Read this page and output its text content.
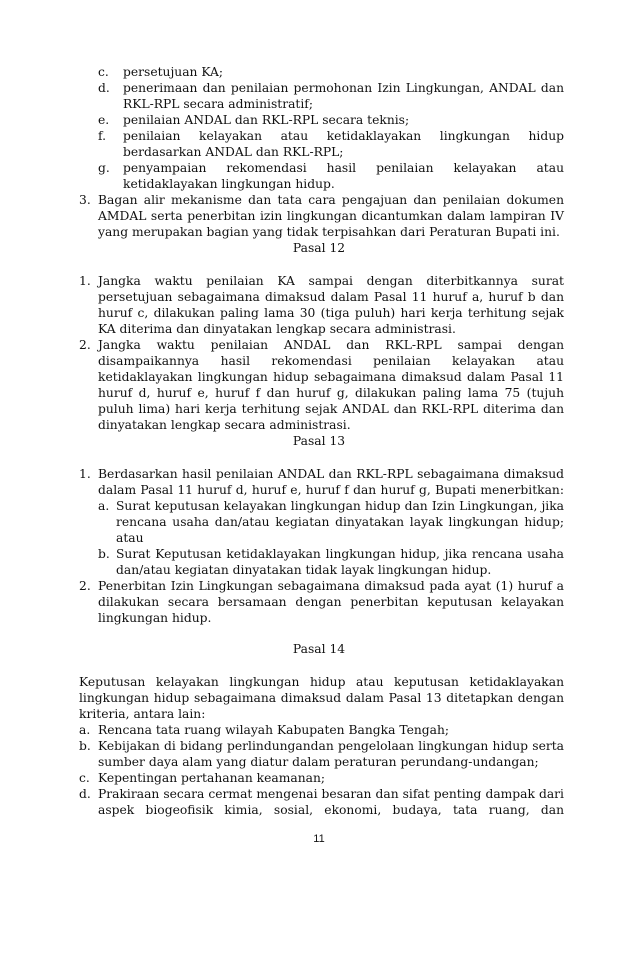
c. persetujuan KA;
d. penerimaan dan penilaian permohonan Izin Lingkungan, ANDAL dan
RKL-RPL secara administratif;
e. penilaian ANDAL dan RKL-RPL secara teknis;
f. penilaian kelayakan atau ketidaklayakan lingkungan hidup
berdasarkan ANDAL dan RKL-RPL;
g. penyampaian rekomendasi hasil penilaian kelayakan atau
ketidaklayakan lingkungan hidup.
3. Bagan alir mekanisme dan tata cara pengajuan dan penilaian dokumen
AMDAL serta penerbitan izin lingkungan dicantumkan dalam lampiran IV
yang merupakan bagian yang tidak terpisahkan dari Peraturan Bupati ini.
Pasal 12
1. Jangka waktu penilaian KA sampai dengan diterbitkannya surat
persetujuan sebagaimana dimaksud dalam Pasal 11 huruf a, huruf b dan
huruf c, dilakukan paling lama 30 (tiga puluh) hari kerja terhitung sejak
KA diterima dan dinyatakan lengkap secara administrasi.
2. Jangka waktu penilaian ANDAL dan RKL-RPL sampai dengan
disampaikannya hasil rekomendasi penilaian kelayakan atau
ketidaklayakan lingkungan hidup sebagaimana dimaksud dalam Pasal 11
huruf d, huruf e, huruf f dan huruf g, dilakukan paling lama 75 (tujuh
puluh lima) hari kerja terhitung sejak ANDAL dan RKL-RPL diterima dan
dinyatakan lengkap secara administrasi.
Pasal 13
1. Berdasarkan hasil penilaian ANDAL dan RKL-RPL sebagaimana dimaksud
dalam Pasal 11 huruf d, huruf e, huruf f dan huruf g, Bupati menerbitkan:
a. Surat keputusan kelayakan lingkungan hidup dan Izin Lingkungan, jika
rencana usaha dan/atau kegiatan dinyatakan layak lingkungan hidup;
atau
b. Surat Keputusan ketidaklayakan lingkungan hidup, jika rencana usaha
dan/atau kegiatan dinyatakan tidak layak lingkungan hidup.
2. Penerbitan Izin Lingkungan sebagaimana dimaksud pada ayat (1) huruf a
dilakukan secara bersamaan dengan penerbitan keputusan kelayakan
lingkungan hidup.
Pasal 14
Keputusan kelayakan lingkungan hidup atau keputusan ketidaklayakan
lingkungan hidup sebagaimana dimaksud dalam Pasal 13 ditetapkan dengan
kriteria, antara lain:
a. Rencana tata ruang wilayah Kabupaten Bangka Tengah;
b. Kebijakan di bidang perlindungandan pengelolaan lingkungan hidup serta
sumber daya alam yang diatur dalam peraturan perundang-undangan;
c. Kepentingan pertahanan keamanan;
d. Prakiraan secara cermat mengenai besaran dan sifat penting dampak dari
aspek biogeofisik kimia, sosial, ekonomi, budaya, tata ruang, dan
11
